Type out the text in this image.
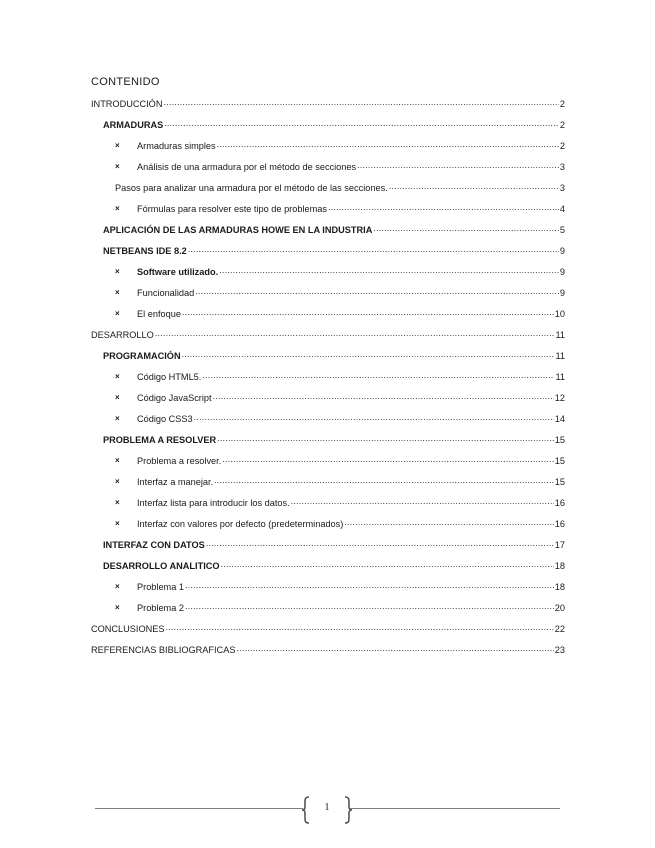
CONTENIDO
INTRODUCCIÓN .....	2
ARMADURAS .....	2
×	Armaduras simples .....	2
×	Análisis de una armadura por el método de secciones .....	3
Pasos para analizar una armadura por el método de las secciones. .....	3
×	Fórmulas para resolver este tipo de problemas .....	4
APLICACIÓN DE LAS ARMADURAS HOWE EN LA INDUSTRIA .....	5
NETBEANS IDE 8.2 .....	9
×	Software utilizado. .....	9
×	Funcionalidad .....	9
×	El enfoque .....	10
DESARROLLO .....	11
PROGRAMACIÓN .....	11
×	Código HTML5. .....	11
×	Código JavaScript .....	12
×	Código CSS3 .....	14
PROBLEMA A RESOLVER .....	15
×	Problema a resolver. .....	15
×	Interfaz a manejar. .....	15
×	Interfaz lista para introducir los datos. .....	16
×	Interfaz con valores por defecto (predeterminados) .....	16
INTERFAZ CON DATOS .....	17
DESARROLLO ANALITICO .....	18
×	Problema 1 .....	18
×	Problema 2 .....	20
CONCLUSIONES .....	22
REFERENCIAS BIBLIOGRAFICAS .....	23
1
